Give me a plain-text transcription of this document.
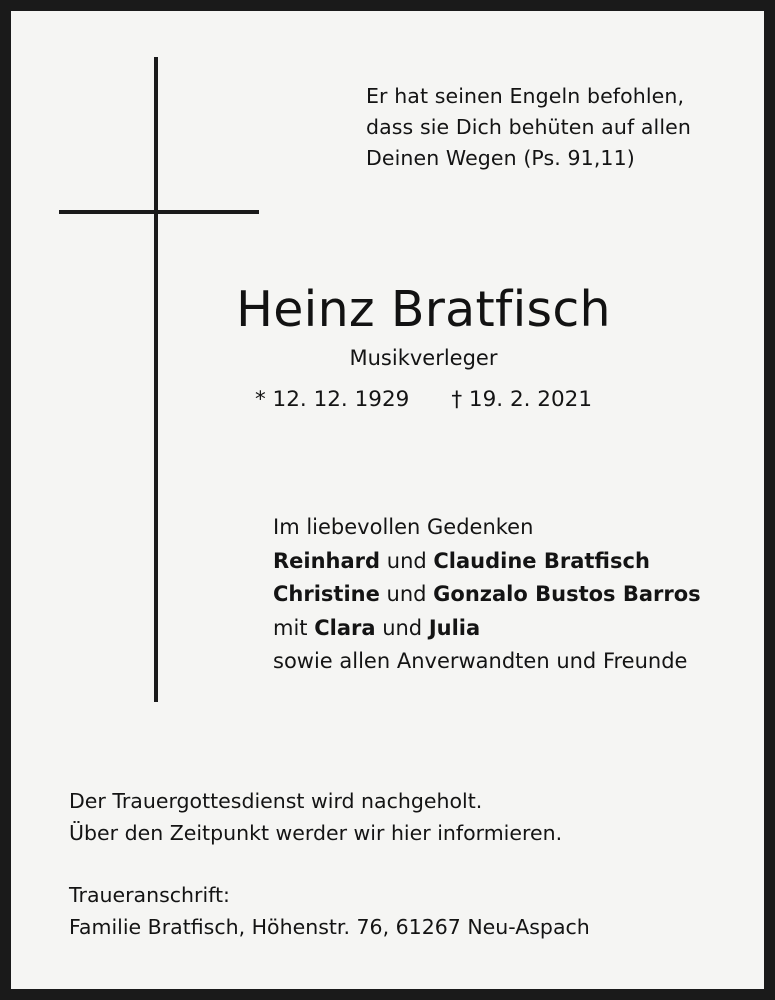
Er hat seinen Engeln befohlen,
dass sie Dich behüten auf allen
Deinen Wegen (Ps. 91,11)
Heinz Bratfisch
Musikverleger
* 12. 12. 1929 † 19. 2. 2021
Im liebevollen Gedenken
Reinhard und Claudine Bratfisch
Christine und Gonzalo Bustos Barros
mit Clara und Julia
sowie allen Anverwandten und Freunde
Der Trauergottesdienst wird nachgeholt.
Über den Zeitpunkt werder wir hier informieren.
Traueranschrift:
Familie Bratfisch, Höhenstr. 76, 61267 Neu-Aspach
